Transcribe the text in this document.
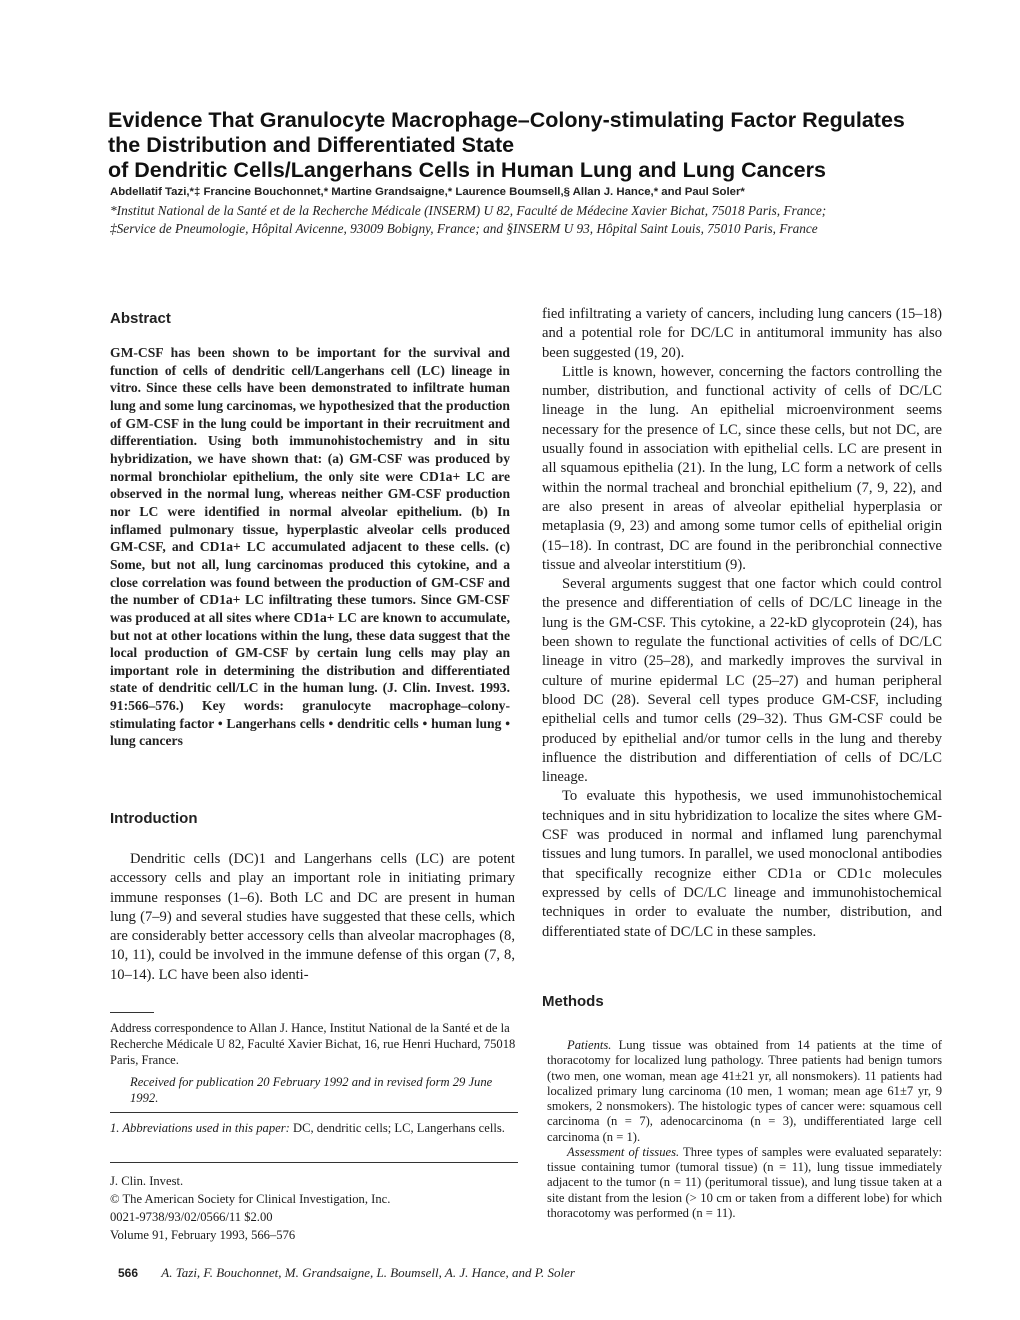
Evidence That Granulocyte Macrophage–Colony-stimulating Factor Regulates
the Distribution and Differentiated State
of Dendritic Cells/Langerhans Cells in Human Lung and Lung Cancers
Abdellatif Tazi,*‡ Francine Bouchonnet,* Martine Grandsaigne,* Laurence Boumsell,§ Allan J. Hance,* and Paul Soler*
*Institut National de la Santé et de la Recherche Médicale (INSERM) U 82, Faculté de Médecine Xavier Bichat, 75018 Paris, France;
‡Service de Pneumologie, Hôpital Avicenne, 93009 Bobigny, France; and §INSERM U 93, Hôpital Saint Louis, 75010 Paris, France
Abstract
GM-CSF has been shown to be important for the survival and function of cells of dendritic cell/Langerhans cell (LC) lineage in vitro. Since these cells have been demonstrated to infiltrate human lung and some lung carcinomas, we hypothesized that the production of GM-CSF in the lung could be important in their recruitment and differentiation. Using both immunohistochemistry and in situ hybridization, we have shown that: (a) GM-CSF was produced by normal bronchiolar epithelium, the only site were CD1a+ LC are observed in the normal lung, whereas neither GM-CSF production nor LC were identified in normal alveolar epithelium. (b) In inflamed pulmonary tissue, hyperplastic alveolar cells produced GM-CSF, and CD1a+ LC accumulated adjacent to these cells. (c) Some, but not all, lung carcinomas produced this cytokine, and a close correlation was found between the production of GM-CSF and the number of CD1a+ LC infiltrating these tumors. Since GM-CSF was produced at all sites where CD1a+ LC are known to accumulate, but not at other locations within the lung, these data suggest that the local production of GM-CSF by certain lung cells may play an important role in determining the distribution and differentiated state of dendritic cell/LC in the human lung. (J. Clin. Invest. 1993. 91:566–576.) Key words: granulocyte macrophage–colony-stimulating factor • Langerhans cells • dendritic cells • human lung • lung cancers
Introduction

Dendritic cells (DC)1 and Langerhans cells (LC) are potent accessory cells and play an important role in initiating primary immune responses (1–6). Both LC and DC are present in human lung (7–9) and several studies have suggested that these cells, which are considerably better accessory cells than alveolar macrophages (8, 10, 11), could be involved in the immune defense of this organ (7, 8, 10–14). LC have been also identi-

Address correspondence to Allan J. Hance, Institut National de la Santé et de la Recherche Médicale U 82, Faculté Xavier Bichat, 16, rue Henri Huchard, 75018 Paris, France.
Received for publication 20 February 1992 and in revised form 29 June 1992.
1. Abbreviations used in this paper: DC, dendritic cells; LC, Langerhans cells.
J. Clin. Invest.
© The American Society for Clinical Investigation, Inc.
0021-9738/93/02/0566/11 $2.00
Volume 91, February 1993, 566–576

fied infiltrating a variety of cancers, including lung cancers (15–18) and a potential role for DC/LC in antitumoral immunity has also been suggested (19, 20).

Little is known, however, concerning the factors controlling the number, distribution, and functional activity of cells of DC/LC lineage in the lung. An epithelial microenvironment seems necessary for the presence of LC, since these cells, but not DC, are usually found in association with epithelial cells. LC are present in all squamous epithelia (21). In the lung, LC form a network of cells within the normal tracheal and bronchial epithelium (7, 9, 22), and are also present in areas of alveolar epithelial hyperplasia or metaplasia (9, 23) and among some tumor cells of epithelial origin (15–18). In contrast, DC are found in the peribronchial connective tissue and alveolar interstitium (9).

Several arguments suggest that one factor which could control the presence and differentiation of cells of DC/LC lineage in the lung is the GM-CSF. This cytokine, a 22-kD glycoprotein (24), has been shown to regulate the functional activities of cells of DC/LC lineage in vitro (25–28), and markedly improves the survival in culture of murine epidermal LC (25–27) and human peripheral blood DC (28). Several cell types produce GM-CSF, including epithelial cells and tumor cells (29–32). Thus GM-CSF could be produced by epithelial and/or tumor cells in the lung and thereby influence the distribution and differentiation of cells of DC/LC lineage.

To evaluate this hypothesis, we used immunohistochemical techniques and in situ hybridization to localize the sites where GM-CSF was produced in normal and inflamed lung parenchymal tissues and lung tumors. In parallel, we used monoclonal antibodies that specifically recognize either CD1a or CD1c molecules expressed by cells of DC/LC lineage and immunohistochemical techniques in order to evaluate the number, distribution, and differentiated state of DC/LC in these samples.

Methods

Patients. Lung tissue was obtained from 14 patients at the time of thoracotomy for localized lung pathology. Three patients had benign tumors (two men, one woman, mean age 41±21 yr, all nonsmokers). 11 patients had localized primary lung carcinoma (10 men, 1 woman; mean age 61±7 yr, 9 smokers, 2 nonsmokers). The histologic types of cancer were: squamous cell carcinoma (n = 7), adenocarcinoma (n = 3), undifferentiated large cell carcinoma (n = 1).

Assessment of tissues. Three types of samples were evaluated separately: tissue containing tumor (tumoral tissue) (n = 11), lung tissue immediately adjacent to the tumor (n = 11) (peritumoral tissue), and lung tissue taken at a site distant from the lesion (> 10 cm or taken from a different lobe) for which thoracotomy was performed (n = 11).

566 A. Tazi, F. Bouchonnet, M. Grandsaigne, L. Boumsell, A. J. Hance, and P. Soler
